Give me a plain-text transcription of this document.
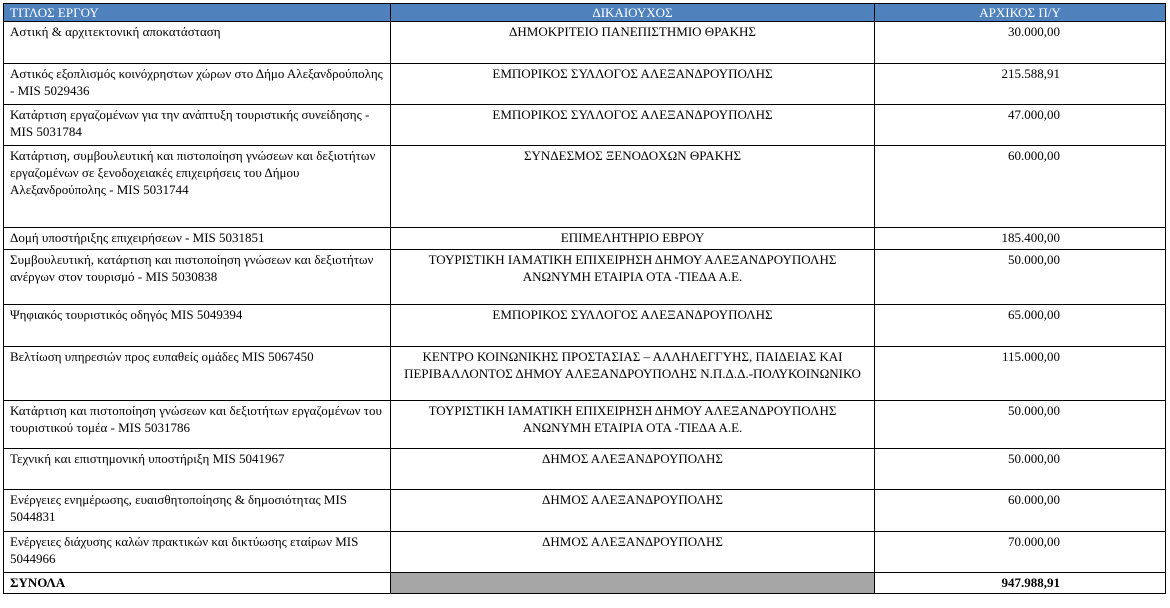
ΤΙΤΛΟΣ ΕΡΓΟΥ	ΔΙΚΑΙΟΥΧΟΣ	ΑΡΧΙΚΟΣ Π/Υ
Αστική & αρχιτεκτονική αποκατάσταση	ΔΗΜΟΚΡΙΤΕΙΟ ΠΑΝΕΠΙΣΤΗΜΙΟ ΘΡΑΚΗΣ	30.000,00
Αστικός εξοπλισμός κοινόχρηστων χώρων στο Δήμο Αλεξανδρούπολης - MIS 5029436	ΕΜΠΟΡΙΚΟΣ ΣΥΛΛΟΓΟΣ ΑΛΕΞΑΝΔΡΟΥΠΟΛΗΣ	215.588,91
Κατάρτιση εργαζομένων για την ανάπτυξη τουριστικής συνείδησης - MIS 5031784	ΕΜΠΟΡΙΚΟΣ ΣΥΛΛΟΓΟΣ ΑΛΕΞΑΝΔΡΟΥΠΟΛΗΣ	47.000,00
Κατάρτιση, συμβουλευτική και πιστοποίηση γνώσεων και δεξιοτήτων εργαζομένων σε ξενοδοχειακές επιχειρήσεις του Δήμου Αλεξανδρούπολης - MIS 5031744	ΣΥΝΔΕΣΜΟΣ ΞΕΝΟΔΟΧΩΝ ΘΡΑΚΗΣ	60.000,00
Δομή υποστήριξης επιχειρήσεων - MIS 5031851	ΕΠΙΜΕΛΗΤΗΡΙΟ ΕΒΡΟΥ	185.400,00
Συμβουλευτική, κατάρτιση και πιστοποίηση γνώσεων και δεξιοτήτων ανέργων στον τουρισμό - MIS 5030838	ΤΟΥΡΙΣΤΙΚΗ ΙΑΜΑΤΙΚΗ ΕΠΙΧΕΙΡΗΣΗ ΔΗΜΟΥ ΑΛΕΞΑΝΔΡΟΥΠΟΛΗΣ ΑΝΩΝΥΜΗ ΕΤΑΙΡΙΑ ΟΤΑ -ΤΙΕΔΑ Α.Ε.	50.000,00
Ψηφιακός τουριστικός οδηγός MIS 5049394	ΕΜΠΟΡΙΚΟΣ ΣΥΛΛΟΓΟΣ ΑΛΕΞΑΝΔΡΟΥΠΟΛΗΣ	65.000,00
Βελτίωση υπηρεσιών προς ευπαθείς ομάδες MIS 5067450	ΚΕΝΤΡΟ ΚΟΙΝΩΝΙΚΗΣ ΠΡΟΣΤΑΣΙΑΣ – ΑΛΛΗΛΕΓΓΥΗΣ, ΠΑΙΔΕΙΑΣ ΚΑΙ ΠΕΡΙΒΑΛΛΟΝΤΟΣ ΔΗΜΟΥ ΑΛΕΞΑΝΔΡΟΥΠΟΛΗΣ Ν.Π.Δ.Δ.-ΠΟΛΥΚΟΙΝΩΝΙΚΟ	115.000,00
Κατάρτιση και πιστοποίηση γνώσεων και δεξιοτήτων εργαζομένων του τουριστικού τομέα - MIS 5031786	ΤΟΥΡΙΣΤΙΚΗ ΙΑΜΑΤΙΚΗ ΕΠΙΧΕΙΡΗΣΗ ΔΗΜΟΥ ΑΛΕΞΑΝΔΡΟΥΠΟΛΗΣ ΑΝΩΝΥΜΗ ΕΤΑΙΡΙΑ ΟΤΑ -ΤΙΕΔΑ Α.Ε.	50.000,00
Τεχνική και επιστημονική υποστήριξη MIS 5041967	ΔΗΜΟΣ ΑΛΕΞΑΝΔΡΟΥΠΟΛΗΣ	50.000,00
Ενέργειες ενημέρωσης, ευαισθητοποίησης & δημοσιότητας MIS 5044831	ΔΗΜΟΣ ΑΛΕΞΑΝΔΡΟΥΠΟΛΗΣ	60.000,00
Ενέργειες διάχυσης καλών πρακτικών και δικτύωσης εταίρων MIS 5044966	ΔΗΜΟΣ ΑΛΕΞΑΝΔΡΟΥΠΟΛΗΣ	70.000,00
ΣΥΝΟΛΑ		947.988,91
